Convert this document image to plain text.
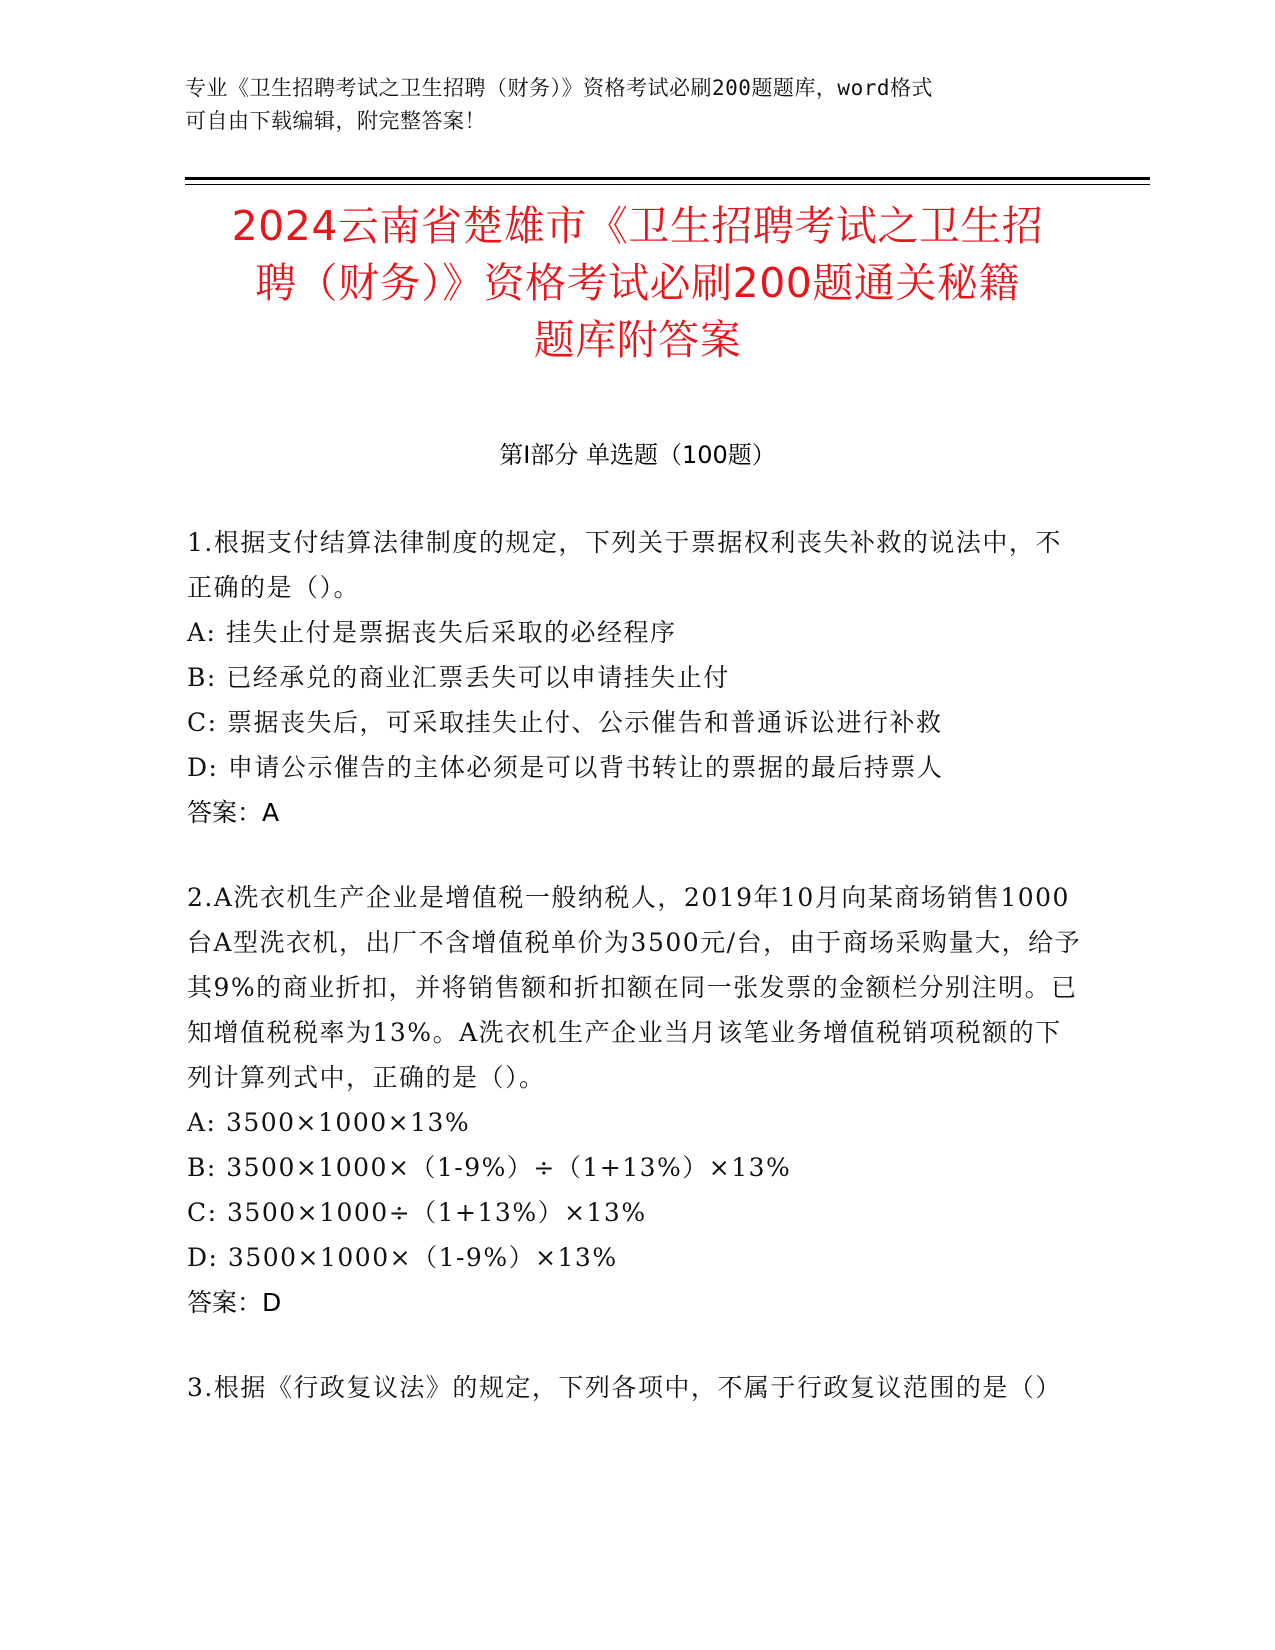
专业《卫生招聘考试之卫生招聘（财务）》资格考试必刷200题题库，word格式
可自由下载编辑，附完整答案！
2024云南省楚雄市《卫生招聘考试之卫生招
聘（财务）》资格考试必刷200题通关秘籍
题库附答案
第Ⅰ部分 单选题（100题）
1.根据支付结算法律制度的规定，下列关于票据权利丧失补救的说法中，不正确的是（）。
A: 挂失止付是票据丧失后采取的必经程序
B: 已经承兑的商业汇票丢失可以申请挂失止付
C: 票据丧失后，可采取挂失止付、公示催告和普通诉讼进行补救
D: 申请公示催告的主体必须是可以背书转让的票据的最后持票人
答案：A
2.A洗衣机生产企业是增值税一般纳税人，2019年10月向某商场销售1000台A型洗衣机，出厂不含增值税单价为3500元/台，由于商场采购量大，给予其9%的商业折扣，并将销售额和折扣额在同一张发票的金额栏分别注明。已知增值税税率为13%。A洗衣机生产企业当月该笔业务增值税销项税额的下列计算列式中，正确的是（）。
A: 3500×1000×13%
B: 3500×1000×（1-9%）÷（1+13%）×13%
C: 3500×1000÷（1+13%）×13%
D: 3500×1000×（1-9%）×13%
答案：D
3.根据《行政复议法》的规定，下列各项中，不属于行政复议范围的是（）
